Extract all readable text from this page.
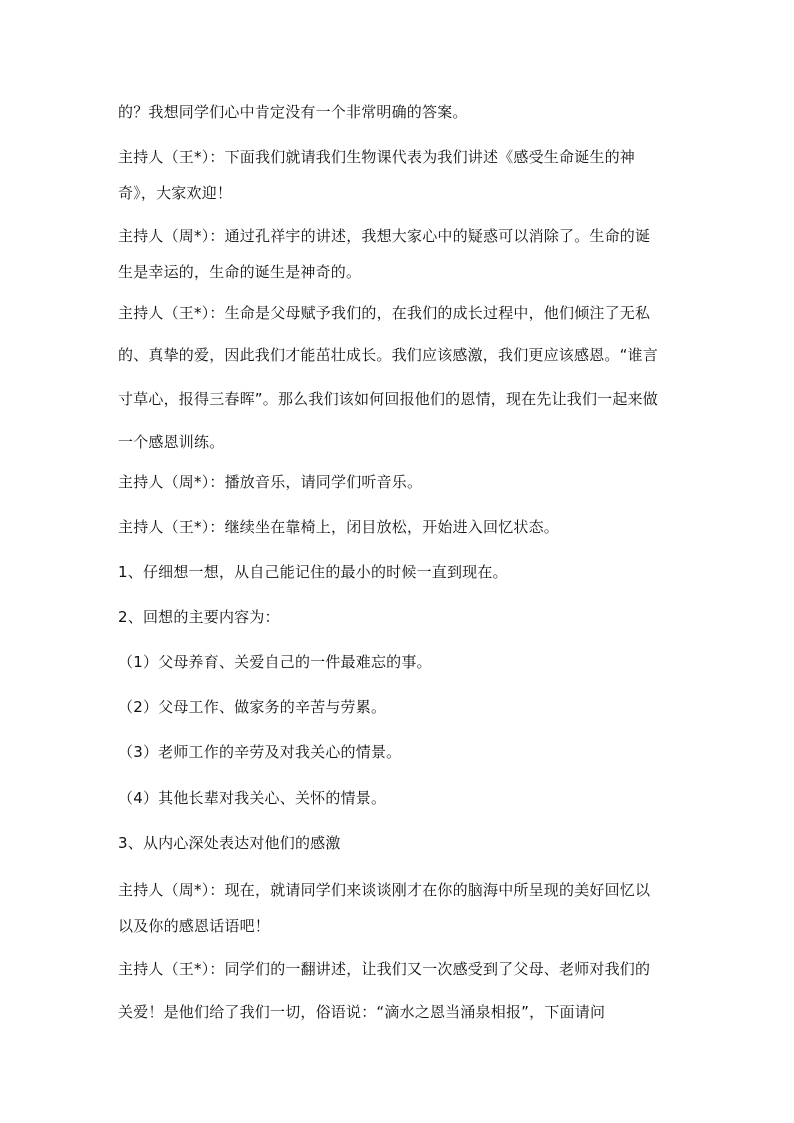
的？我想同学们心中肯定没有一个非常明确的答案。
主持人（王*）：下面我们就请我们生物课代表为我们讲述《感受生命诞生的神
奇》，大家欢迎！
主持人（周*）：通过孔祥宇的讲述，我想大家心中的疑惑可以消除了。生命的诞
生是幸运的，生命的诞生是神奇的。
主持人（王*）：生命是父母赋予我们的，在我们的成长过程中，他们倾注了无私
的、真挚的爱，因此我们才能茁壮成长。我们应该感激，我们更应该感恩。“谁言
寸草心，报得三春晖”。那么我们该如何回报他们的恩情，现在先让我们一起来做
一个感恩训练。
主持人（周*）：播放音乐，请同学们听音乐。
主持人（王*）：继续坐在靠椅上，闭目放松，开始进入回忆状态。
1、仔细想一想，从自己能记住的最小的时候一直到现在。
2、回想的主要内容为：
（1）父母养育、关爱自己的一件最难忘的事。
（2）父母工作、做家务的辛苦与劳累。
（3）老师工作的辛劳及对我关心的情景。
（4）其他长辈对我关心、关怀的情景。
3、从内心深处表达对他们的感激
主持人（周*）：现在，就请同学们来谈谈刚才在你的脑海中所呈现的美好回忆以
以及你的感恩话语吧！
主持人（王*）：同学们的一翻讲述，让我们又一次感受到了父母、老师对我们的
关爱！是他们给了我们一切，俗语说：“滴水之恩当涌泉相报”，下面请问
